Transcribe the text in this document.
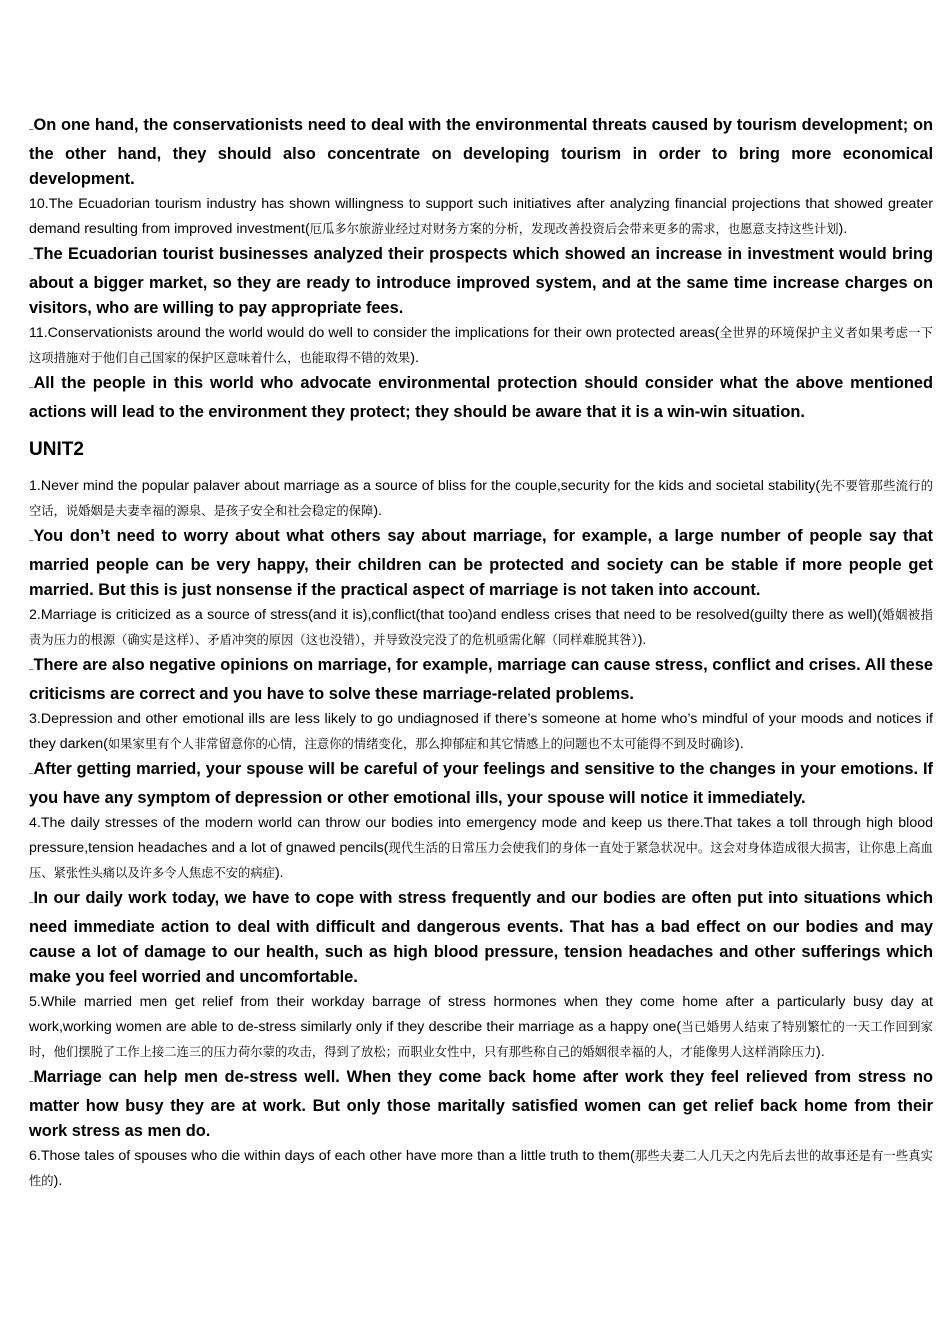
–On one hand, the conservationists need to deal with the environmental threats caused by tourism development; on the other hand, they should also concentrate on developing tourism in order to bring more economical development.

10.The Ecuadorian tourism industry has shown willingness to support such initiatives after analyzing financial projections that showed greater demand resulting from improved investment(厄瓜多尔旅游业经过对财务方案的分析，发现改善投资后会带来更多的需求，也愿意支持这些计划).

–The Ecuadorian tourist businesses analyzed their prospects which showed an increase in investment would bring about a bigger market, so they are ready to introduce improved system, and at the same time increase charges on visitors, who are willing to pay appropriate fees.

11.Conservationists around the world would do well to consider the implications for their own protected areas(全世界的环境保护主义者如果考虑一下这项措施对于他们自己国家的保护区意味着什么，也能取得不错的效果).

–All the people in this world who advocate environmental protection should consider what the above mentioned actions will lead to the environment they protect; they should be aware that it is a win-win situation.

UNIT2

1.Never mind the popular palaver about marriage as a source of bliss for the couple,security for the kids and societal stability(先不要管那些流行的空话，说婚姻是夫妻幸福的源泉、是孩子安全和社会稳定的保障).

–You don’t need to worry about what others say about marriage, for example, a large number of people say that married people can be very happy, their children can be protected and society can be stable if more people get married. But this is just nonsense if the practical aspect of marriage is not taken into account.

2.Marriage is criticized as a source of stress(and it is),conflict(that too)and endless crises that need to be resolved(guilty there as well)(婚姻被指责为压力的根源（确实是这样）、矛盾冲突的原因（这也没错），并导致没完没了的危机亟需化解（同样难脱其咎）).

–There are also negative opinions on marriage, for example, marriage can cause stress, conflict and crises. All these criticisms are correct and you have to solve these marriage-related problems.

3.Depression and other emotional ills are less likely to go undiagnosed if there’s someone at home who’s mindful of your moods and notices if they darken(如果家里有个人非常留意你的心情，注意你的情绪变化，那么抑郁症和其它情感上的问题也不太可能得不到及时确诊).

–After getting married, your spouse will be careful of your feelings and sensitive to the changes in your emotions. If you have any symptom of depression or other emotional ills, your spouse will notice it immediately.

4.The daily stresses of the modern world can throw our bodies into emergency mode and keep us there.That takes a toll through high blood pressure,tension headaches and a lot of gnawed pencils(现代生活的日常压力会使我们的身体一直处于紧急状况中。这会对身体造成很大损害，让你患上高血压、紧张性头痛以及许多令人焦虑不安的病症).

–In our daily work today, we have to cope with stress frequently and our bodies are often put into situations which need immediate action to deal with difficult and dangerous events. That has a bad effect on our bodies and may cause a lot of damage to our health, such as high blood pressure, tension headaches and other sufferings which make you feel worried and uncomfortable.

5.While married men get relief from their workday barrage of stress hormones when they come home after a particularly busy day at work,working women are able to de-stress similarly only if they describe their marriage as a happy one(当已婚男人结束了特别繁忙的一天工作回到家时，他们摆脱了工作上接二连三的压力荷尔蒙的攻击，得到了放松；而职业女性中，只有那些称自己的婚姻很幸福的人，才能像男人这样消除压力).

–Marriage can help men de-stress well. When they come back home after work they feel relieved from stress no matter how busy they are at work. But only those maritally satisfied women can get relief back home from their work stress as men do.

6.Those tales of spouses who die within days of each other have more than a little truth to them(那些夫妻二人几天之内先后去世的故事还是有一些真实性的).
